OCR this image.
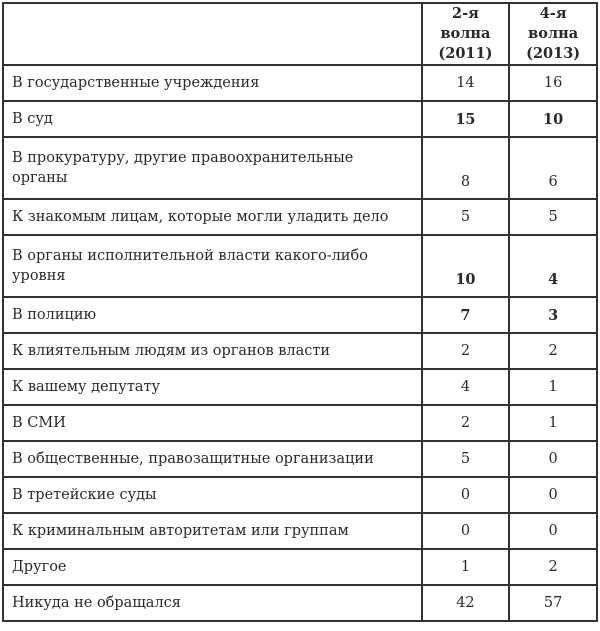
	2-я волна (2011)	4-я волна (2013)
В государственные учреждения	14	16
В суд	15	10
В прокуратуру, другие правоохранительные органы	8	6
К знакомым лицам, которые могли уладить дело	5	5
В органы исполнительной власти какого-либо уровня	10	4
В полицию	7	3
К влиятельным людям из органов власти	2	2
К вашему депутату	4	1
В СМИ	2	1
В общественные, правозащитные организации	5	0
В третейские суды	0	0
К криминальным авторитетам или группам	0	0
Другое	1	2
Никуда не обращался	42	57
